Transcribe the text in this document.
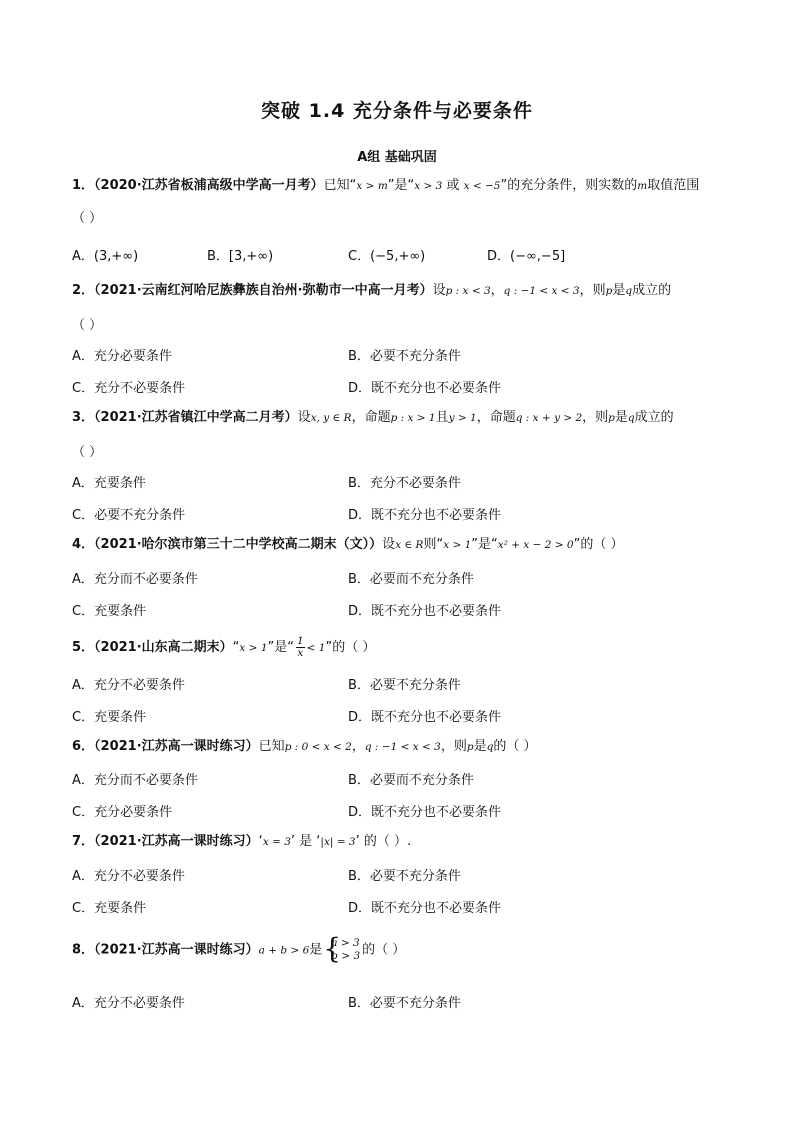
突破 1.4 充分条件与必要条件
A组 基础巩固
1．（2020·江苏省板浦高级中学高一月考）已知“x > m”是“x > 3 或 x < −5”的充分条件，则实数的m取值范围
（ ）
A．(3,+∞)	B．[3,+∞)	C．(−5,+∞)	D．(−∞,−5]
2．（2021·云南红河哈尼族彝族自治州·弥勒市一中高一月考）设p : x < 3，q : −1 < x < 3，则p是q成立的
（ ）
A．充分必要条件	B．必要不充分条件
C．充分不必要条件	D．既不充分也不必要条件
3．（2021·江苏省镇江中学高二月考）设x, y ∈ R，命题p : x > 1且y > 1，命题q : x + y > 2，则p是q成立的
（ ）
A．充要条件	B．充分不必要条件
C．必要不充分条件	D．既不充分也不必要条件
4．（2021·哈尔滨市第三十二中学校高二期末（文））设x ∈ R则“x > 1”是“x² + x − 2 > 0”的（ ）
A．充分而不必要条件	B．必要而不充分条件
C．充要条件	D．既不充分也不必要条件
5．（2021·山东高二期末）“x > 1”是“ $\frac{1}{x} < 1$”的（ ）
A．充分不必要条件	B．必要不充分条件
C．充要条件	D．既不充分也不必要条件
6．（2021·江苏高一课时练习）已知p : 0 < x < 2，q : −1 < x < 3，则p是q的（ ）
A．充分而不必要条件	B．必要而不充分条件
C．充分必要条件	D．既不充分也不必要条件
7．（2021·江苏高一课时练习）‘x = 3’ 是 ‘|x| = 3’ 的（ ）.
A．充分不必要条件	B．必要不充分条件
C．充要条件	D．既不充分也不必要条件
8．（2021·江苏高一课时练习）a + b > 6是
{ a > 3
b > 3 的（ ）
A．充分不必要条件	B．必要不充分条件
